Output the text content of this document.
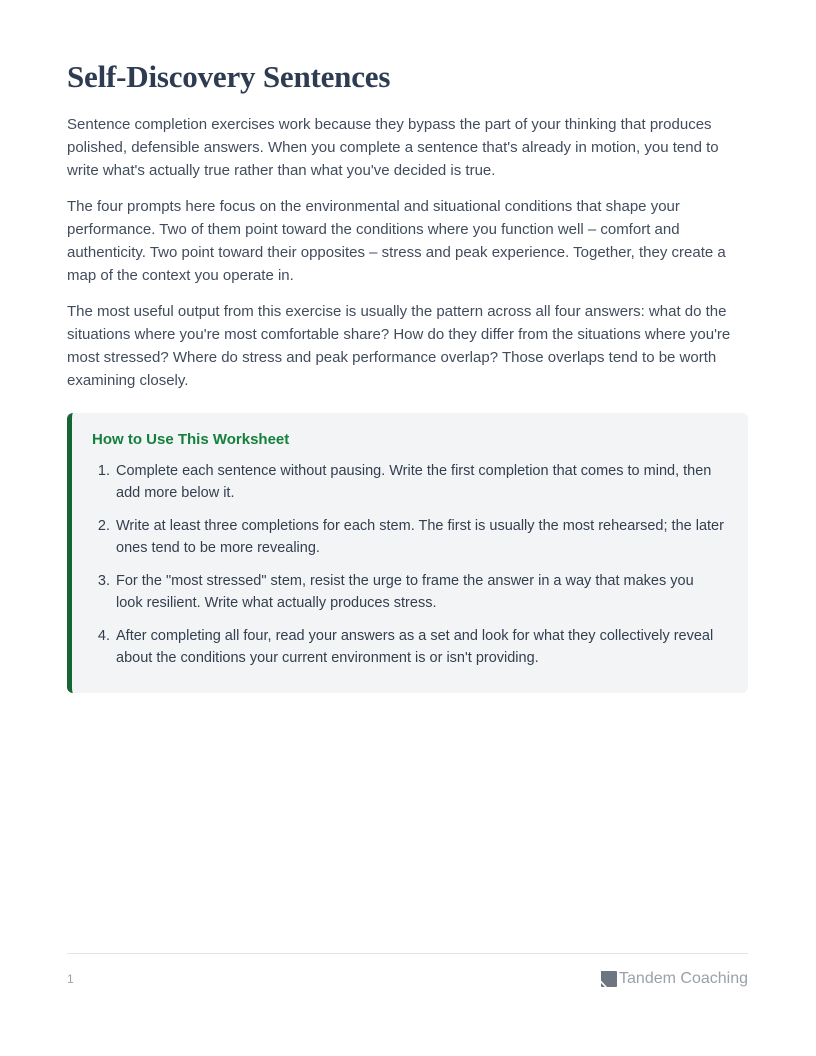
Self-Discovery Sentences

Sentence completion exercises work because they bypass the part of your thinking that produces polished, defensible answers. When you complete a sentence that's already in motion, you tend to write what's actually true rather than what you've decided is true.

The four prompts here focus on the environmental and situational conditions that shape your performance. Two of them point toward the conditions where you function well – comfort and authenticity. Two point toward their opposites – stress and peak experience. Together, they create a map of the context you operate in.

The most useful output from this exercise is usually the pattern across all four answers: what do the situations where you're most comfortable share? How do they differ from the situations where you're most stressed? Where do stress and peak performance overlap? Those overlaps tend to be worth examining closely.

How to Use This Worksheet
1. Complete each sentence without pausing. Write the first completion that comes to mind, then add more below it.
2. Write at least three completions for each stem. The first is usually the most rehearsed; the later ones tend to be more revealing.
3. For the "most stressed" stem, resist the urge to frame the answer in a way that makes you look resilient. Write what actually produces stress.
4. After completing all four, read your answers as a set and look for what they collectively reveal about the conditions your current environment is or isn't providing.
1	Tandem Coaching
